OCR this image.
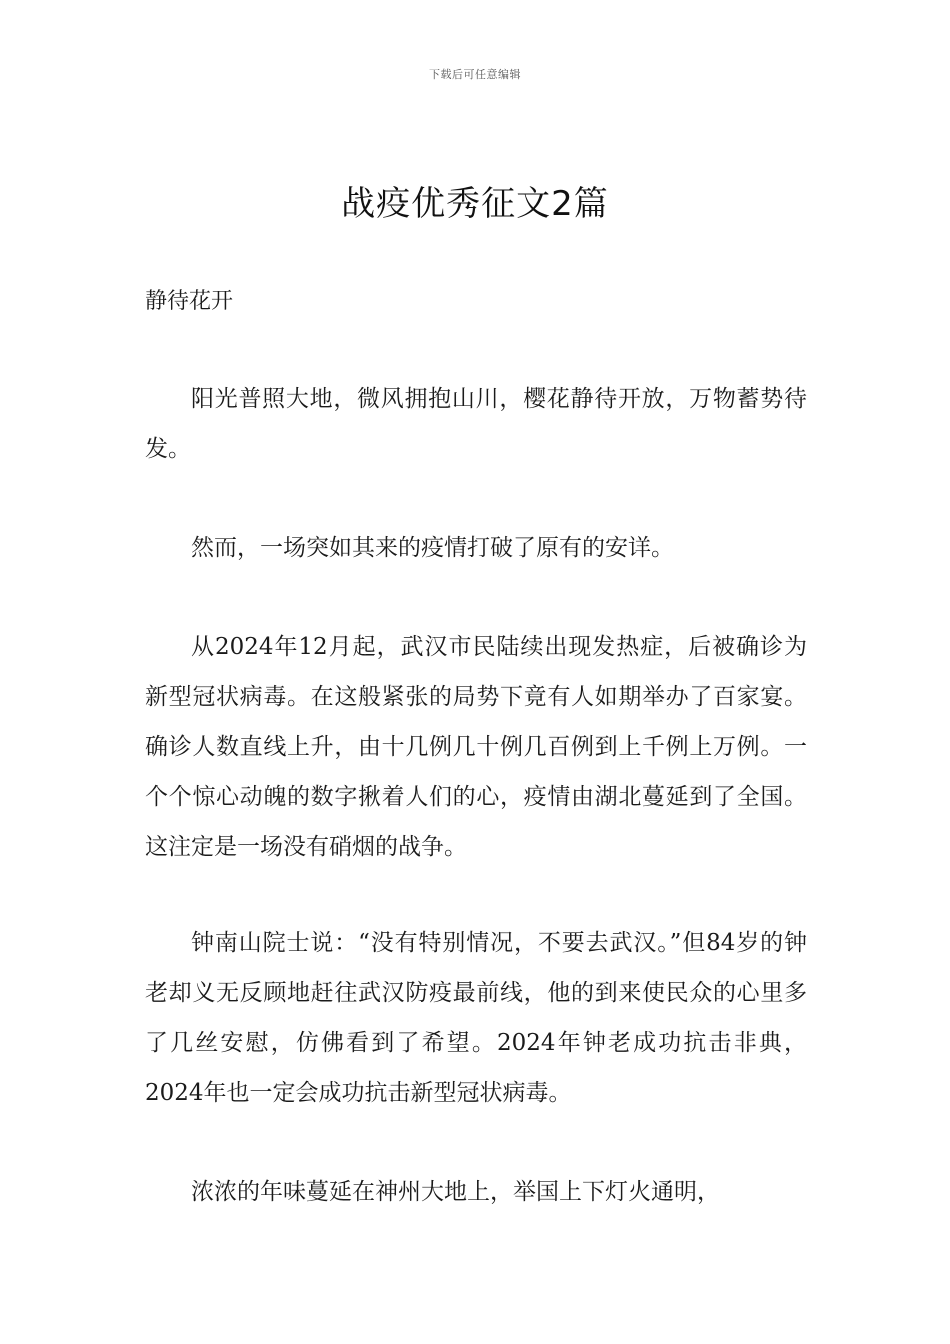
下载后可任意编辑
战疫优秀征文2篇
静待花开

阳光普照大地，微风拥抱山川，樱花静待开放，万物蓄势待发。

然而，一场突如其来的疫情打破了原有的安详。

从2024年12月起，武汉市民陆续出现发热症，后被确诊为新型冠状病毒。在这般紧张的局势下竟有人如期举办了百家宴。确诊人数直线上升，由十几例几十例几百例到上千例上万例。一个个惊心动魄的数字揪着人们的心，疫情由湖北蔓延到了全国。这注定是一场没有硝烟的战争。

钟南山院士说：“没有特别情况，不要去武汉。”但84岁的钟老却义无反顾地赶往武汉防疫最前线，他的到来使民众的心里多了几丝安慰，仿佛看到了希望。2024年钟老成功抗击非典，2024年也一定会成功抗击新型冠状病毒。

浓浓的年味蔓延在神州大地上，举国上下灯火通明，
